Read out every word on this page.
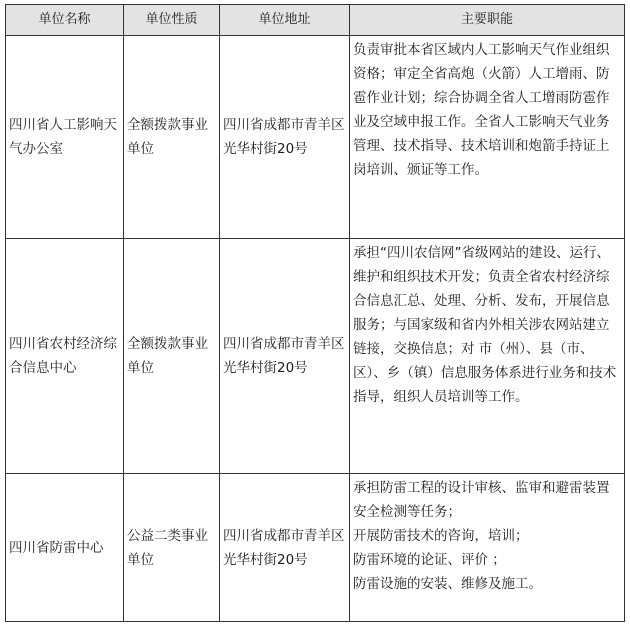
单位名称	单位性质	单位地址	主要职能

四川省人工影响天气办公室	全额拨款事业单位	四川省成都市青羊区光华村街20号	负责审批本省区域内人工影响天气作业组织资格；审定全省高炮（火箭）人工增雨、防雹作业计划；综合协调全省人工增雨防雹作业及空域申报工作。全省人工影响天气业务管理、技术指导、技术培训和炮箭手持证上岗培训、颁证等工作。

四川省农村经济综合信息中心	全额拨款事业单位	四川省成都市青羊区光华村街20号	承担“四川农信网”省级网站的建设、运行、维护和组织技术开发；负责全省农村经济综合信息汇总、处理、分析、发布，开展信息服务；与国家级和省内外相关涉农网站建立链接，交换信息；对 市（州）、县（市、区）、乡（镇）信息服务体系进行业务和技术指导，组织人员培训等工作。

四川省防雷中心	公益二类事业单位	四川省成都市青羊区光华村街20号	承担防雷工程的设计审核、监审和避雷装置安全检测等任务；
开展防雷技术的咨询，培训；
防雷环境的论证、评价 ；
防雷设施的安装、维修及施工。
